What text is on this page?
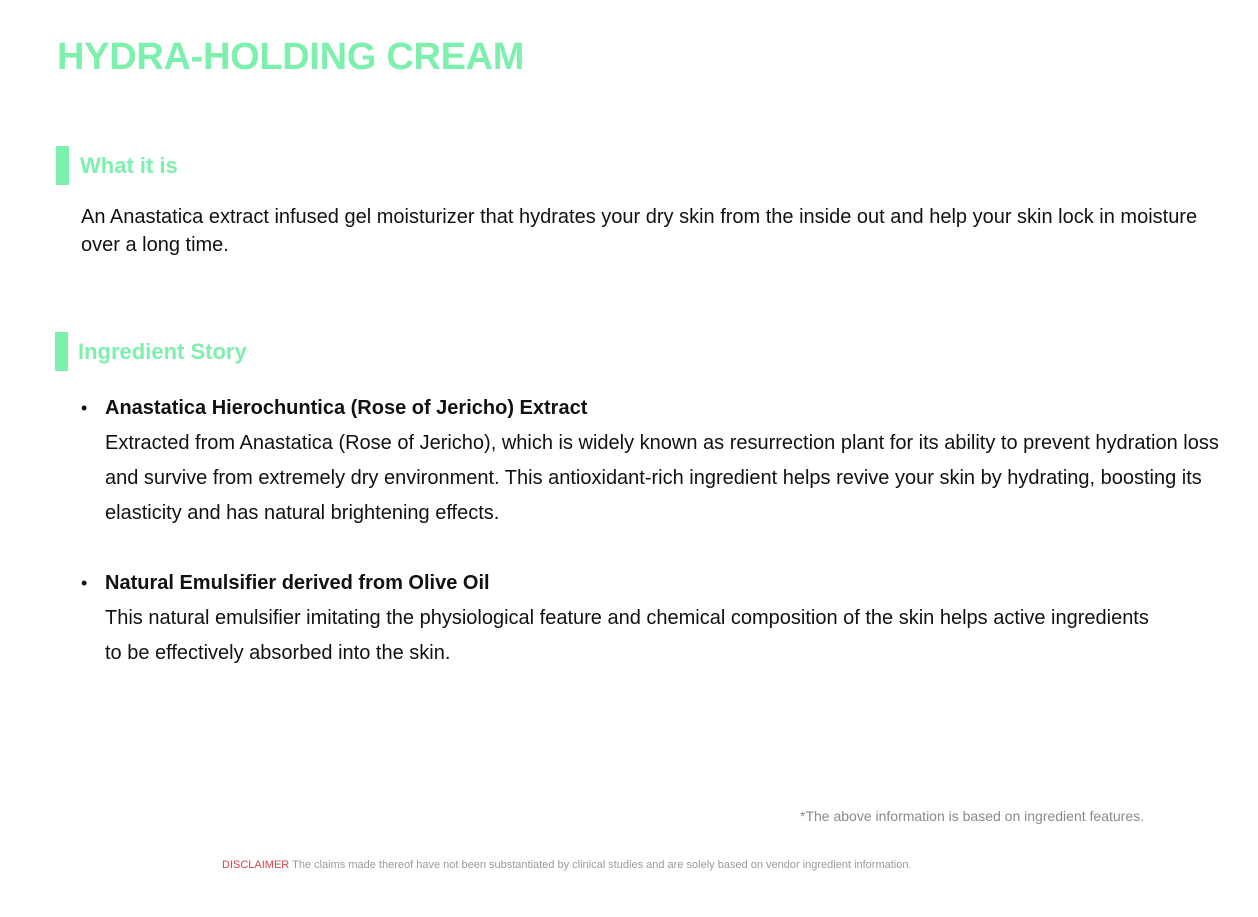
HYDRA-HOLDING CREAM
What it is

An Anastatica extract infused gel moisturizer that hydrates your dry skin from the inside out and help your skin lock in moisture over a long time.

Ingredient Story
• Anastatica Hierochuntica (Rose of Jericho) Extract

Extracted from Anastatica (Rose of Jericho), which is widely known as resurrection plant for its ability to prevent hydration loss and survive from extremely dry environment. This antioxidant-rich ingredient helps revive your skin by hydrating, boosting its elasticity and has natural brightening effects.

• Natural Emulsifier derived from Olive Oil

This natural emulsifier imitating the physiological feature and chemical composition of the skin helps active ingredients to be effectively absorbed into the skin.

*The above information is based on ingredient features.

DISCLAIMER The claims made thereof have not been substantiated by clinical studies and are solely based on vendor ingredient information.
